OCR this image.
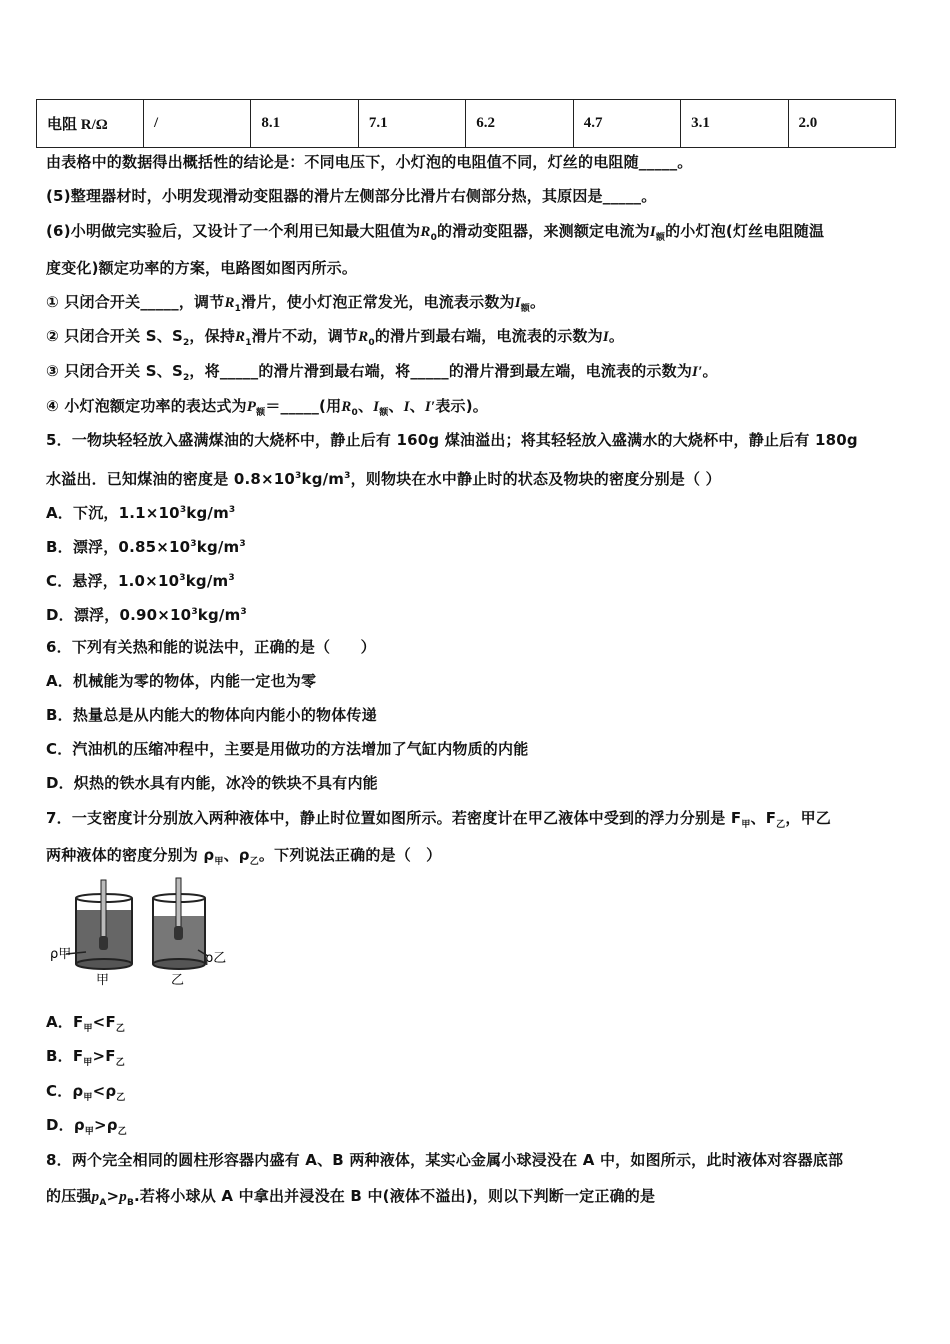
电阻 R/Ω	/	8.1	7.1	6.2	4.7	3.1	2.0
由表格中的数据得出概括性的结论是：不同电压下，小灯泡的电阻值不同，灯丝的电阻随_____。
(5)整理器材时，小明发现滑动变阻器的滑片左侧部分比滑片右侧部分热，其原因是_____。
(6)小明做完实验后，又设计了一个利用已知最大阻值为$R_0$的滑动变阻器，来测额定电流为$I_额$的小灯泡(灯丝电阻随温
度变化)额定功率的方案，电路图如图丙所示。
① 只闭合开关_____，调节$R_1$滑片，使小灯泡正常发光，电流表示数为$I_额$。
② 只闭合开关 S、$S_2$，保持$R_1$滑片不动，调节$R_0$的滑片到最右端，电流表的示数为I。
③ 只闭合开关 S、$S_2$，将_____的滑片滑到最右端，将_____的滑片滑到最左端，电流表的示数为I′。
④ 小灯泡额定功率的表达式为$P_额=\_\_\_\_\_$(用$R_0$、$I_额$、I、I′表示)。
5．一物块轻轻放入盛满煤油的大烧杯中，静止后有 160g 煤油溢出；将其轻轻放入盛满水的大烧杯中，静止后有 180g
水溢出．已知煤油的密度是 $0.8\times 10^3kg/m^3$，则物块在水中静止时的状态及物块的密度分别是（ ）
A．下沉，$1.1\times 10^3kg/m^3$
B．漂浮，$0.85\times 10^3kg/m^3$
C．悬浮，$1.0\times 10^3kg/m^3$
D．漂浮，$0.90\times 10^3kg/m^3$
6．下列有关热和能的说法中，正确的是（　　）
A．机械能为零的物体，内能一定也为零
B．热量总是从内能大的物体向内能小的物体传递
C．汽油机的压缩冲程中，主要是用做功的方法增加了气缸内物质的内能
D．炽热的铁水具有内能，冰冷的铁块不具有内能
7．一支密度计分别放入两种液体中，静止时位置如图所示。若密度计在甲乙液体中受到的浮力分别是 $F_甲$、$F_乙$，甲乙
两种液体的密度分别为 $\rho_甲$、$\rho_乙$。下列说法正确的是（　）
ρ甲	ρ乙
甲	乙
A．$F_甲<F_乙$
B．$F_甲>F_乙$
C．$\rho_甲<\rho_乙$
D．$\rho_甲>\rho_乙$
8．两个完全相同的圆柱形容器内盛有 A、B 两种液体，某实心金属小球浸没在 A 中，如图所示，此时液体对容器底部
的压强$p_A>p_B$.若将小球从 A 中拿出并浸没在 B 中(液体不溢出)，则以下判断一定正确的是
